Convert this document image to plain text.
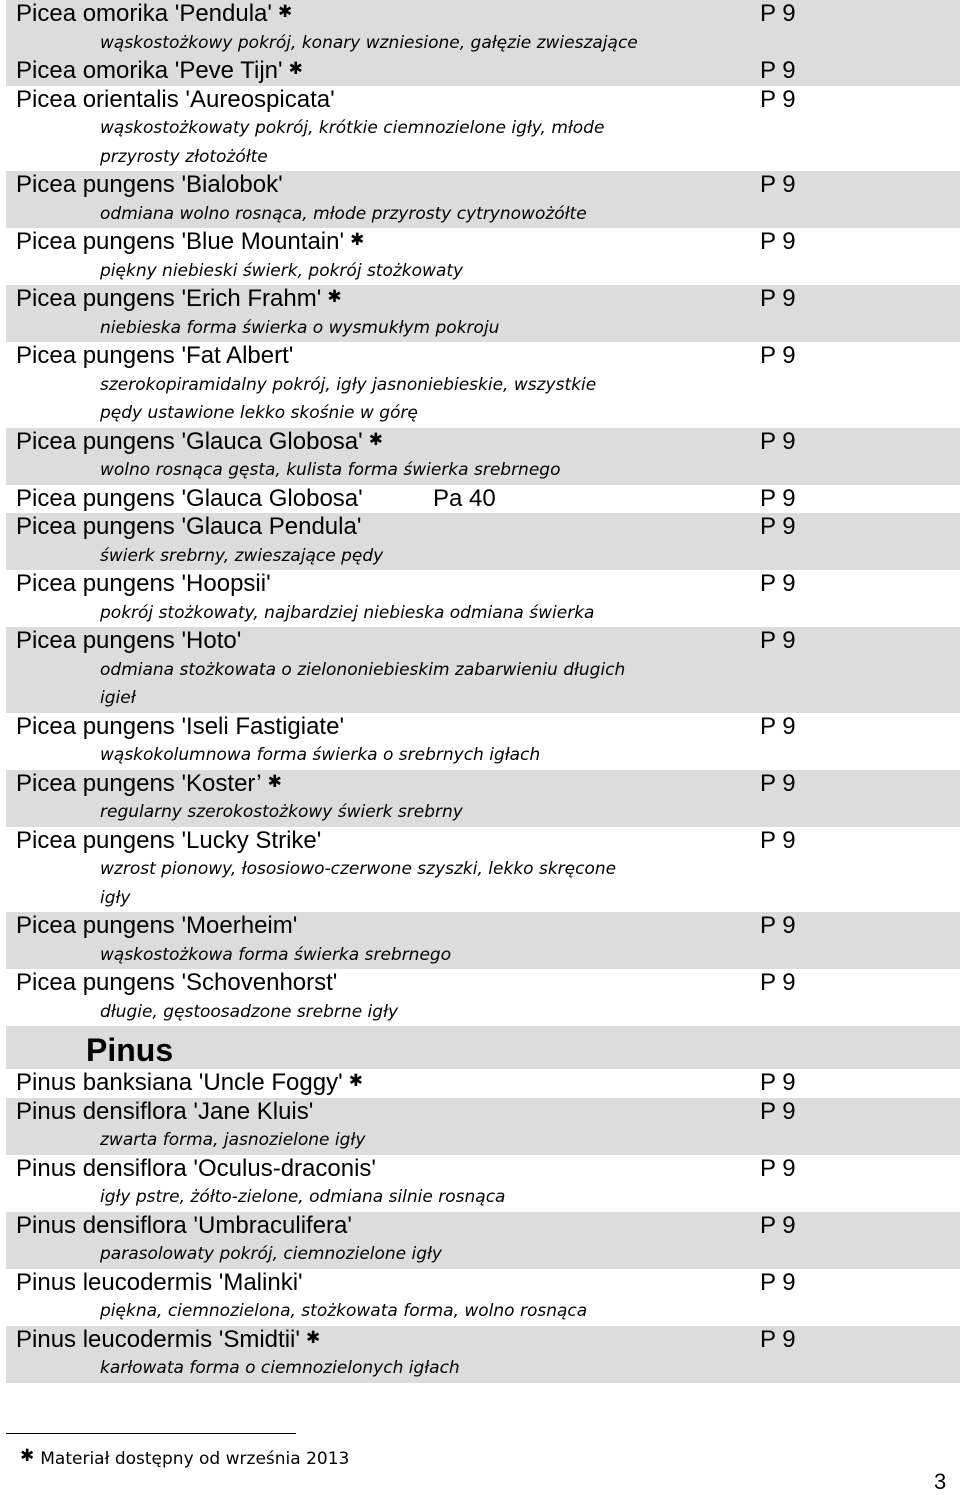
Picea omorika 'Pendula' ✱	P 9
wąskostożkowy pokrój, konary wzniesione, gałęzie zwieszające
Picea omorika 'Peve Tijn' ✱	P 9
Picea orientalis 'Aureospicata'	P 9
wąskostożkowaty pokrój, krótkie ciemnozielone igły, młode przyrosty złotożółte
Picea pungens 'Bialobok'	P 9
odmiana wolno rosnąca, młode przyrosty cytrynowożółte
Picea pungens 'Blue Mountain' ✱	P 9
piękny niebieski świerk, pokrój stożkowaty
Picea pungens 'Erich Frahm' ✱	P 9
niebieska forma świerka o wysmukłym pokroju
Picea pungens 'Fat Albert'	P 9
szerokopiramidalny pokrój, igły jasnoniebieskie, wszystkie pędy ustawione lekko skośnie w górę
Picea pungens 'Glauca Globosa' ✱	P 9
wolno rosnąca gęsta, kulista forma świerka srebrnego
Picea pungens 'Glauca Globosa'	Pa 40	P 9
Picea pungens 'Glauca Pendula'	P 9
świerk srebrny, zwieszające pędy
Picea pungens 'Hoopsii'	P 9
pokrój stożkowaty, najbardziej niebieska odmiana świerka
Picea pungens 'Hoto'	P 9
odmiana stożkowata o zielononiebieskim zabarwieniu długich igieł
Picea pungens 'Iseli Fastigiate'	P 9
wąskokolumnowa forma świerka o srebrnych igłach
Picea pungens 'Koster’ ✱	P 9
regularny szerokostożkowy świerk srebrny
Picea pungens 'Lucky Strike'	P 9
wzrost pionowy, łososiowo-czerwone szyszki, lekko skręcone igły
Picea pungens 'Moerheim'	P 9
wąskostożkowa forma świerka srebrnego
Picea pungens 'Schovenhorst'	P 9
długie, gęstoosadzone srebrne igły
Pinus
Pinus banksiana 'Uncle Foggy' ✱	P 9
Pinus densiflora 'Jane Kluis'	P 9
zwarta forma, jasnozielone igły
Pinus densiflora 'Oculus-draconis'	P 9
igły pstre, żółto-zielone, odmiana silnie rosnąca
Pinus densiflora 'Umbraculifera'	P 9
parasolowaty pokrój, ciemnozielone igły
Pinus leucodermis 'Malinki'	P 9
piękna, ciemnozielona, stożkowata forma, wolno rosnąca
Pinus leucodermis 'Smidtii' ✱	P 9
karłowata forma o ciemnozielonych igłach
✱ Materiał dostępny od września 2013
3
